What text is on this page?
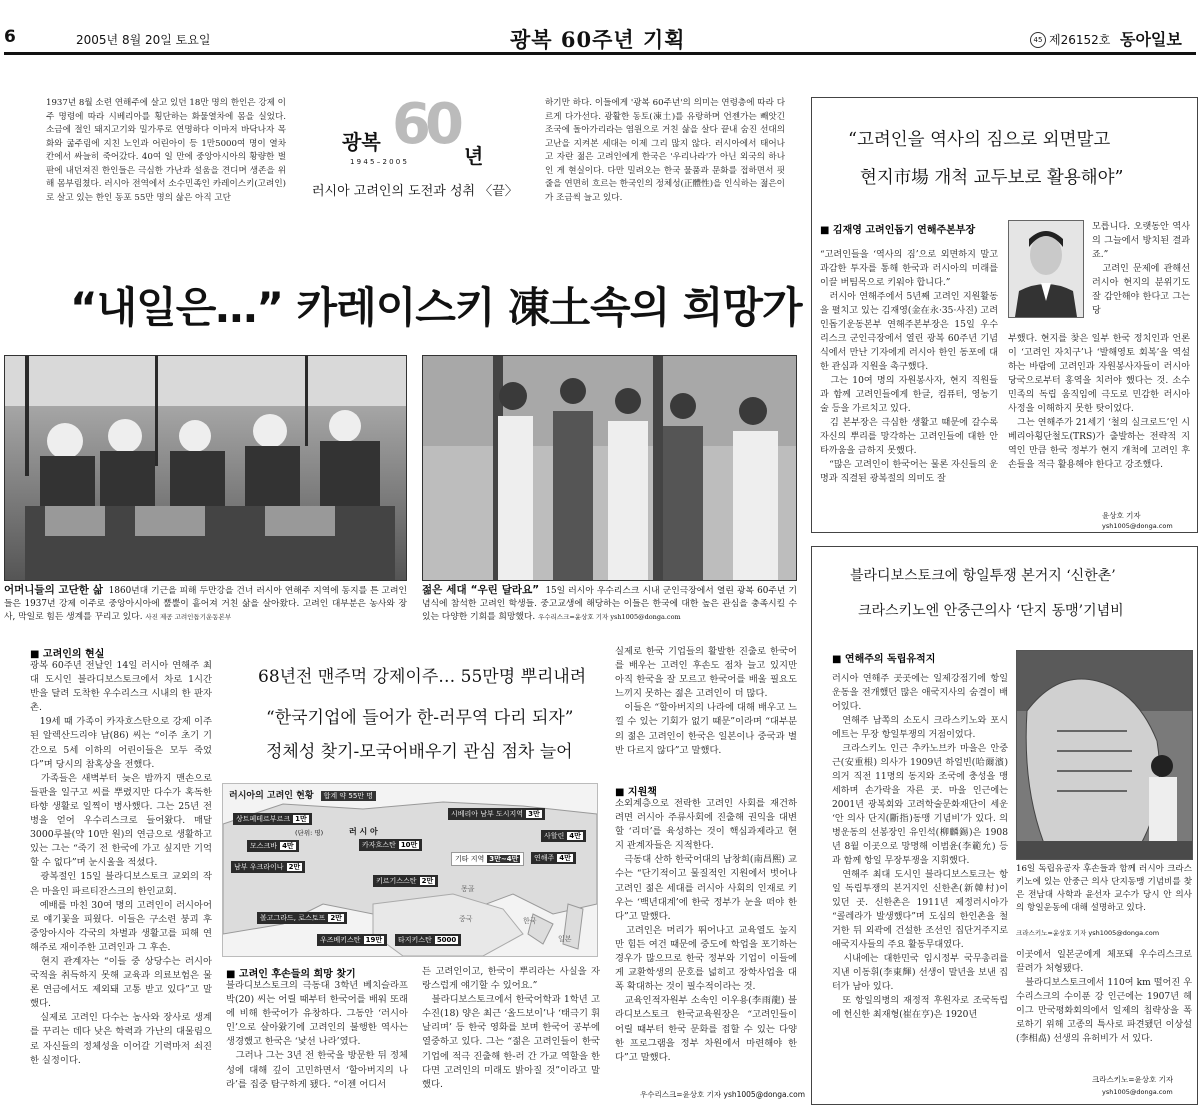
6	2005년 8월 20일 토요일	광복 60주년 기획	45 제26152호 동아일보
1937년 8월 소련 연해주에 살고 있던 18만 명의 한인은 강제 이주 명령에 따라 시베리아를 횡단하는 화물열차에 몸을 실었다. 소금에 절인 돼지고기와 밀가루로 연명하다 이마저 바닥나자 목화와 굶주림에 지친 노인과 어린아이 등 1만5000여 명이 열차 칸에서 싸늘히 죽어갔다. 40여 일 만에 중앙아시아의 황량한 벌판에 내던져진 한인들은 극심한 가난과 설움을 견디며 생존을 위해 몸부림쳤다. 러시아 전역에서 소수민족인 카레이스키(고려인)로 살고 있는 한인 동포 55만 명의 삶은 아직 고단
광복 60 년
1 9 4 5 – 2 0 0 5
러시아 고려인의 도전과 성취 〈끝〉
하기만 하다. 이들에게 '광복 60주년'의 의미는 연령층에 따라 다르게 다가선다. 광활한 동토(凍土)를 유랑하며 언젠가는 빼앗긴 조국에 돌아가리라는 염원으로 거친 삶을 살다 끝내 숨진 선대의 고난을 지켜본 세대는 이제 그리 많지 않다. 러시아에서 태어나고 자란 젊은 고려인에게 한국은 '우리나라'가 아닌 외국의 하나인 게 현실이다. 다만 밀려오는 한국 물품과 문화를 접하면서 핏줄을 연면히 흐르는 한국인의 정체성(正體性)을 인식하는 젊은이가 조금씩 늘고 있다.
“내일은…” 카레이스키 凍土속의 희망가
어머니들의 고단한 삶 1860년대 기근을 피해 두만강을 건너 러시아 연해주 지역에 동지를 튼 고려인들은 1937년 강제 이주로 중앙아시아에 뿔뿔이 흩어져 거친 삶을 살아왔다. 고려인 대부분은 농사와 장사, 막일로 힘든 생계를 꾸리고 있다. 사진 제공 고려인돕기운동본부
젊은 세대 “우린 달라요” 15일 러시아 우수리스크 시내 군인극장에서 열린 광복 60주년 기념식에 참석한 고려인 학생들. 중고교생에 해당하는 이들은 한국에 대한 높은 관심을 충족시킬 수 있는 다양한 기회를 희망했다. 우수리스크=윤상호 기자 ysh1005@donga.com
■ 고려인의 현실
광복 60주년 전날인 14일 러시아 연해주 최대 도시인 블라디보스토크에서 차로 1시간 반을 달려 도착한 우수리스크 시내의 한 판자촌.
　19세 때 가족이 카자흐스탄으로 강제 이주된 알렉산드리야 남(86) 씨는 “이주 초기 기간으로 5세 이하의 어린이들은 모두 죽었다”며 당시의 참혹상을 전했다.
　가족들은 새벽부터 늦은 밤까지 맨손으로 들판을 일구고 씨를 뿌렸지만 다수가 혹독한 타향 생활로 일찍이 병사했다. 그는 25년 전 병을 얻어 우수리스크로 들어왔다. 매달 3000루블(약 10만 원)의 연금으로 생활하고 있는 그는 “죽기 전 한국에 가고 싶지만 기억할 수 없다”며 눈시울을 적셨다.
　광복절인 15일 블라디보스토크 교외의 작은 마을인 파르티잔스크의 한인교회.
　예배를 마친 30여 명의 고려인이 러시아어로 얘기꽃을 피웠다. 이들은 구소련 붕괴 후 중앙아시아 각국의 차별과 생활고를 피해 연해주로 재이주한 고려인과 그 후손.
　현지 관계자는 “이들 중 상당수는 러시아 국적을 취득하지 못해 교육과 의료보험은 물론 연금에서도 제외돼 고통 받고 있다”고 말했다.
　실제로 고려인 다수는 농사와 장사로 생계를 꾸리는 데다 낮은 학력과 가난의 대물림으로 자신들의 정체성을 이어갈 기력마저 쇠진한 실정이다.
68년전 맨주먹 강제이주… 55만명 뿌리내려
“한국기업에 들어가 한-러무역 다리 되자”
정체성 찾기-모국어배우기 관심 점차 늘어
러시아의 고려인 현황 합계 약 55만 명
(단위: 명)	러 시 아
상트페테르부르크 1만
모스크바 4만
남부 우크라이나 2만
카자흐스탄 10만
시베리아 남부 도시지역 3만
사할린 4만
기타 지역 3만~4만	연해주 4만
키르기스스탄 2만
볼고그라드, 로스토프 2만
우즈베키스탄 19만	타지키스탄 5000
몽골
중국	한국
일본
■ 고려인 후손들의 희망 찾기
블라디보스토크의 극동대 3학년 베치슬라프 박(20) 씨는 어릴 때부터 한국어를 배워 또래에 비해 한국어가 유창하다. 그동안 ‘러시아인’으로 살아왔기에 고려인의 불행한 역사는 생경했고 한국은 ‘낯선 나라’였다.
　그러나 그는 3년 전 한국을 방문한 뒤 정체성에 대해 깊이 고민하면서 ‘할아버지의 나라’를 집중 탐구하게 됐다. “이젠 어디서
든 고려인이고, 한국이 뿌리라는 사실을 자랑스럽게 얘기할 수 있어요.”
　블라디보스토크에서 한국어학과 1학년 고수진(18) 양은 최근 ‘올드보이’나 ‘태극기 휘날리며’ 등 한국 영화를 보며 한국어 공부에 열중하고 있다. 그는 “젊은 고려인들이 한국 기업에 적극 진출해 한-러 간 가교 역할을 한다면 고려인의 미래도 밝아질 것”이라고 말했다.
실제로 한국 기업들의 활발한 진출로 한국어를 배우는 고려인 후손도 점차 늘고 있지만 아직 한국을 잘 모르고 한국어를 배울 필요도 느끼지 못하는 젊은 고려인이 더 많다.
　이들은 “할아버지의 나라에 대해 배우고 느낄 수 있는 기회가 없기 때문”이라며 “대부분의 젊은 고려인이 한국은 일본이나 중국과 별반 다르지 않다”고 말했다.
■ 지원책
소외계층으로 전락한 고려인 사회를 재건하려면 러시아 주류사회에 진출해 권익을 대변할 ‘리더’를 육성하는 것이 핵심과제라고 현지 관계자들은 지적한다.
　극동대 산하 한국어대의 남창희(南昌熙) 교수는 “단기적이고 물질적인 지원에서 벗어나 고려인 젊은 세대를 러시아 사회의 인재로 키우는 ‘백년대계’에 한국 정부가 눈을 떠야 한다”고 말했다.
　고려인은 머리가 뛰어나고 교육열도 높지만 힘든 여건 때문에 중도에 학업을 포기하는 경우가 많으므로 한국 정부와 기업이 이들에게 교환학생의 문호를 넓히고 장학사업을 대폭 확대하는 것이 필수적이라는 것.
　교육인적자원부 소속인 이우용(李雨龍) 블라디보스토크 한국교육원장은 “고려인들이 어릴 때부터 한국 문화를 접할 수 있는 다양한 프로그램을 정부 차원에서 마련해야 한다”고 말했다.
우수리스크=윤상호 기자 ysh1005@donga.com
“고려인을 역사의 짐으로 외면말고
현지市場 개척 교두보로 활용해야”
■ 김재영 고려인돕기 연해주본부장
“고려인들을 ‘역사의 짐’으로 외면하지 말고 과감한 투자를 통해 한국과 러시아의 미래를 이끌 버팀목으로 키워야 합니다.”
　러시아 연해주에서 5년째 고려인 지원활동을 펼치고 있는 김재영(金在永·35·사진) 고려인돕기운동본부 연해주본부장은 15일 우수리스크 군인극장에서 열린 광복 60주년 기념식에서 만난 기자에게 러시아 한인 동포에 대한 관심과 지원을 촉구했다.
　그는 10여 명의 자원봉사자, 현지 직원들과 함께 고려인들에게 한글, 컴퓨터, 영농기술 등을 가르치고 있다.
　김 본부장은 극심한 생활고 때문에 갈수록 자신의 뿌리를 망각하는 고려인들에 대한 안타까움을 금하지 못했다.
　“많은 고려인이 한국어는 물론 자신들의 운명과 직결된 광복절의 의미도 잘
모릅니다. 오랫동안 역사의 그늘에서 방치된 결과죠.”
　고려인 문제에 관해선 러시아 현지의 분위기도 잘 감안해야 한다고 그는 당
부했다. 현지를 찾은 일부 한국 정치인과 언론이 ‘고려인 자치구’나 ‘발해영토 회복’을 역설하는 바람에 고려인과 자원봉사자들이 러시아 당국으로부터 홍역을 치러야 했다는 것. 소수민족의 독립 움직임에 극도로 민감한 러시아 사정을 이해하지 못한 탓이었다.
　그는 연해주가 21세기 ‘철의 실크로드’인 시베리아횡단철도(TRS)가 출발하는 전략적 지역인 만큼 한국 정부가 현지 개척에 고려인 후손들을 적극 활용해야 한다고 강조했다.
윤상호 기자 ysh1005@donga.com
블라디보스토크에 항일투쟁 본거지 ‘신한촌’
크라스키노엔 안중근의사 ‘단지 동맹’기념비
■ 연해주의 독립유적지
러시아 연해주 곳곳에는 일제강점기에 항일운동을 전개했던 많은 애국지사의 숨결이 배어있다.
　연해주 남쪽의 소도시 크라스키노와 포시에트는 무장 항일투쟁의 거점이었다.
　크라스키노 인근 추카노브카 마을은 안중근(安重根) 의사가 1909년 하얼빈(哈爾濱) 의거 직전 11명의 동지와 조국에 충성을 맹세하며 손가락을 자른 곳. 마을 인근에는 2001년 광복회와 고려학술문화재단이 세운 ‘안 의사 단지(斷指)동맹 기념비’가 있다. 의병운동의 선봉장인 유인석(柳麟錫)은 1908년 8월 이곳으로 망명해 이범윤(李範允) 등과 함께 항일 무장투쟁을 지휘했다.
　연해주 최대 도시인 블라디보스토크는 항일 독립투쟁의 본거지인 신한촌(新韓村)이 있던 곳. 신한촌은 1911년 제정러시아가 “콜레라가 발생했다”며 도심의 한인촌을 철거한 뒤 외곽에 건설한 조선인 집단거주지로 애국지사들의 주요 활동무대였다.
　시내에는 대한민국 임시정부 국무총리를 지낸 이동휘(李東輝) 선생이 말년을 보낸 집터가 남아 있다.
　또 항일의병의 재정적 후원자로 조국독립에 헌신한 최재형(崔在亨)은 1920년
16일 독립유공자 후손들과 함께 러시아 크라스키노에 있는 안중근 의사 단지동맹 기념비를 찾은 전남대 사학과 윤선자 교수가 당시 안 의사의 항일운동에 대해 설명하고 있다.
크라스키노=윤상호 기자 ysh1005@donga.com
이곳에서 일본군에게 체포돼 우수리스크로 끌려가 처형됐다.
　블라디보스토크에서 110여 km 떨어진 우수리스크의 수이푼 강 인근에는 1907년 헤이그 만국평화회의에서 일제의 침략상을 폭로하기 위해 고종의 특사로 파견됐던 이상설(李相卨) 선생의 유허비가 서 있다.
크라스키노=윤상호 기자
ysh1005@donga.com
